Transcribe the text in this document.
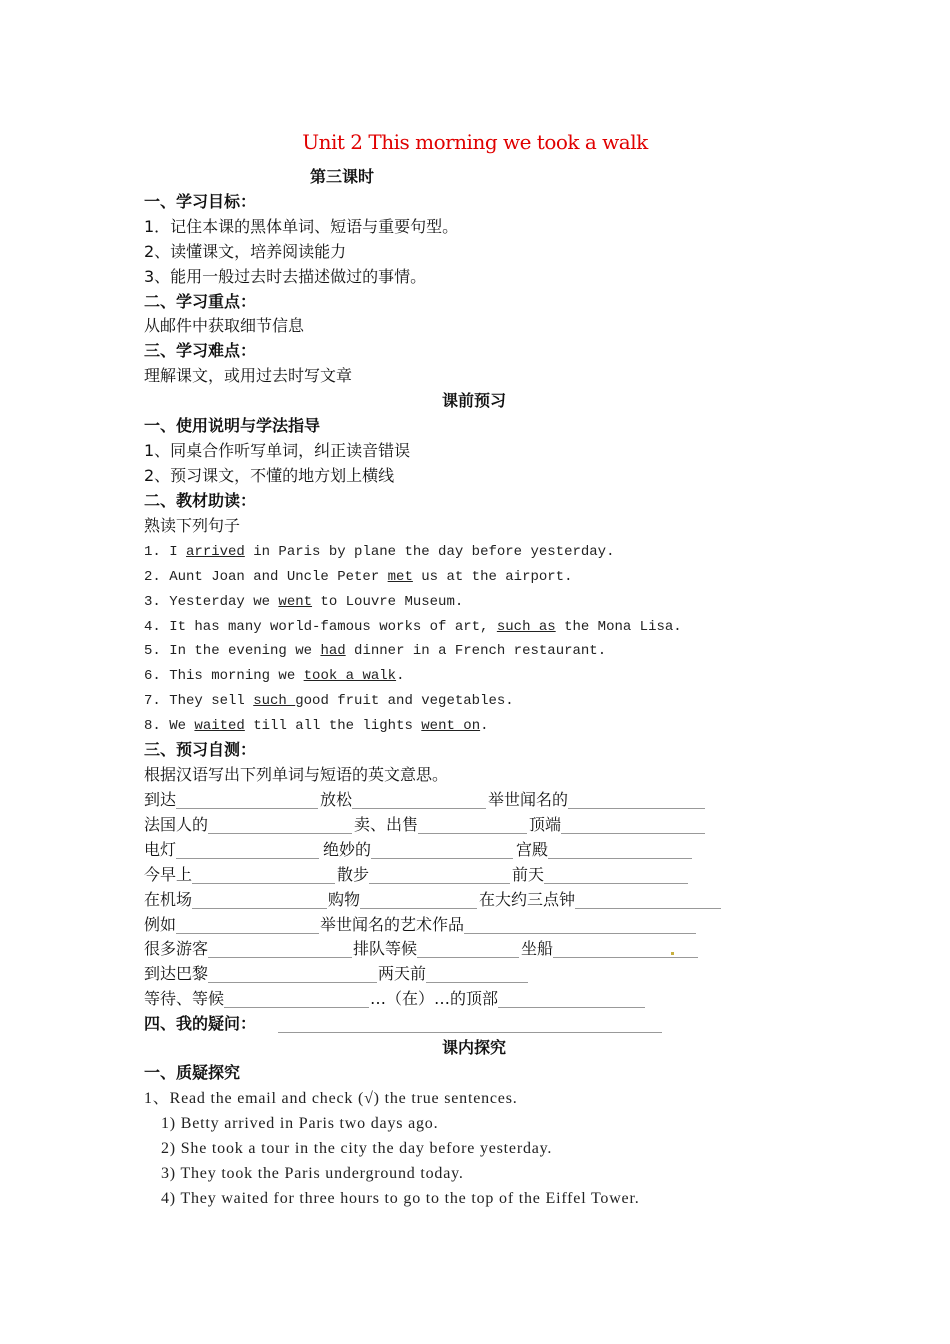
Unit 2 This morning we took a walk
第三课时
一、学习目标：
1．记住本课的黑体单词、短语与重要句型。
2、读懂课文，培养阅读能力
3、能用一般过去时去描述做过的事情。
二、学习重点：
从邮件中获取细节信息
三、学习难点：
理解课文，或用过去时写文章
课前预习
一、使用说明与学法指导
1、同桌合作听写单词，纠正读音错误
2、预习课文，不懂的地方划上横线
二、教材助读：
熟读下列句子
1. I arrived in Paris by plane the day before yesterday.
2. Aunt Joan and Uncle Peter met us at the airport.
3. Yesterday we went to Louvre Museum.
4. It has many world-famous works of art, such as the Mona Lisa.
5. In the evening we had dinner in a French restaurant.
6. This morning we took a walk.
7. They sell such good fruit and vegetables.
8. We waited till all the lights went on.
三、预习自测：
根据汉语写出下列单词与短语的英文意思。
到达	放松	举世闻名的
法国人的	卖、出售	顶端
电灯	绝妙的	宫殿
今早上	散步	前天
在机场	购物	在大约三点钟
例如	举世闻名的艺术作品
很多游客	排队等候	坐船
到达巴黎	两天前
等待、等候	…（在）…的顶部
四、我的疑问：
课内探究
一、质疑探究
1、Read the email and check (√) the true sentences.
1) Betty arrived in Paris two days ago.
2) She took a tour in the city the day before yesterday.
3) They took the Paris underground today.
4) They waited for three hours to go to the top of the Eiffel Tower.
